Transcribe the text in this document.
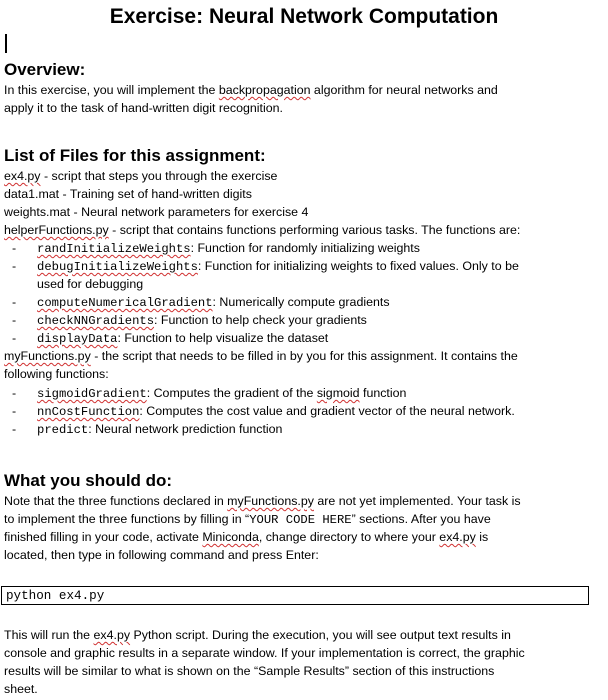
Exercise: Neural Network Computation
Overview:
In this exercise, you will implement the backpropagation algorithm for neural networks and
apply it to the task of hand-written digit recognition.
List of Files for this assignment:
ex4.py - script that steps you through the exercise
data1.mat - Training set of hand-written digits
weights.mat - Neural network parameters for exercise 4
helperFunctions.py - script that contains functions performing various tasks. The functions are:
- randInitializeWeights: Function for randomly initializing weights
- debugInitializeWeights: Function for initializing weights to fixed values. Only to be
used for debugging
- computeNumericalGradient: Numerically compute gradients
- checkNNGradients: Function to help check your gradients
- displayData: Function to help visualize the dataset
myFunctions.py - the script that needs to be filled in by you for this assignment. It contains the
following functions:
- sigmoidGradient: Computes the gradient of the sigmoid function
- nnCostFunction: Computes the cost value and gradient vector of the neural network.
- predict: Neural network prediction function
What you should do:
Note that the three functions declared in myFunctions.py are not yet implemented. Your task is
to implement the three functions by filling in “YOUR CODE HERE” sections. After you have
finished filling in your code, activate Miniconda, change directory to where your ex4.py is
located, then type in following command and press Enter:
python ex4.py
This will run the ex4.py Python script. During the execution, you will see output text results in
console and graphic results in a separate window. If your implementation is correct, the graphic
results will be similar to what is shown on the “Sample Results” section of this instructions
sheet.
